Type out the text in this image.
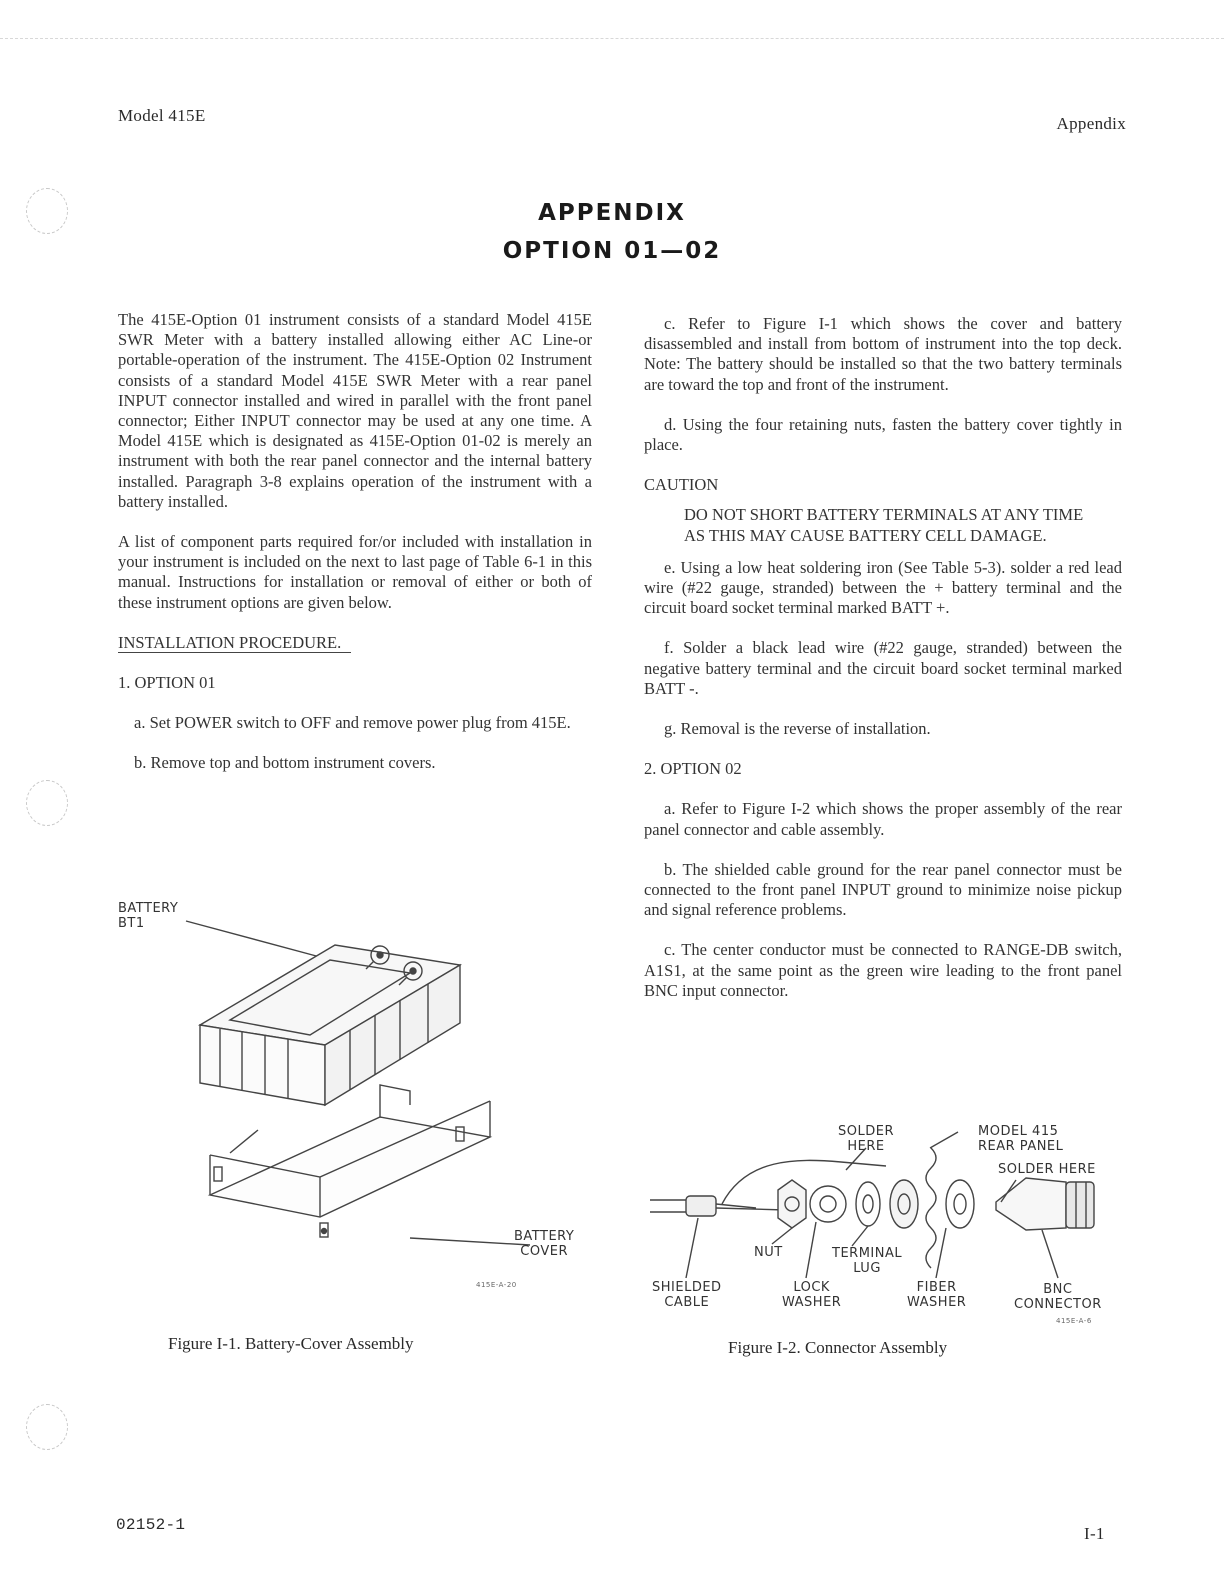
Model 415E	Appendix
APPENDIX
OPTION 01—02

The 415E-Option 01 instrument consists of a standard Model 415E SWR Meter with a battery installed allowing either AC Line-or portable-operation of the instrument. The 415E-Option 02 Instrument consists of a standard Model 415E SWR Meter with a rear panel INPUT connector installed and wired in parallel with the front panel connector; Either INPUT connector may be used at any one time. A Model 415E which is designated as 415E-Option 01-02 is merely an instrument with both the rear panel connector and the internal battery installed. Paragraph 3-8 explains operation of the instrument with a battery installed.

A list of component parts required for/or included with installation in your instrument is included on the next to last page of Table 6-1 in this manual. Instructions for installation or removal of either or both of these instrument options are given below.

INSTALLATION PROCEDURE.

1. OPTION 01

a. Set POWER switch to OFF and remove power plug from 415E.

b. Remove top and bottom instrument covers.

c. Refer to Figure I-1 which shows the cover and battery disassembled and install from bottom of instrument into the top deck. Note: The battery should be installed so that the two battery terminals are toward the top and front of the instrument.

d. Using the four retaining nuts, fasten the battery cover tightly in place.

CAUTION

DO NOT SHORT BATTERY TERMINALS AT ANY TIME AS THIS MAY CAUSE BATTERY CELL DAMAGE.

e. Using a low heat soldering iron (See Table 5-3). solder a red lead wire (#22 gauge, stranded) between the + battery terminal and the circuit board socket terminal marked BATT +.

f. Solder a black lead wire (#22 gauge, stranded) between the negative battery terminal and the circuit board socket terminal marked BATT -.

g. Removal is the reverse of installation.

2. OPTION 02

a. Refer to Figure I-2 which shows the proper assembly of the rear panel connector and cable assembly.

b. The shielded cable ground for the rear panel connector must be connected to the front panel INPUT ground to minimize noise pickup and signal reference problems.

c. The center conductor must be connected to RANGE-DB switch, A1S1, at the same point as the green wire leading to the front panel BNC input connector.

BATTERY
BT1
BATTERY
COVER
415E-A-20
Figure I-1. Battery-Cover Assembly
SOLDER
HERE
MODEL 415
REAR PANEL
SOLDER HERE
NUT	TERMINAL
LUG
SHIELDED
CABLE
LOCK
WASHER
FIBER
WASHER
BNC
CONNECTOR
415E-A-6
Figure I-2. Connector Assembly
02152-1	I-1
